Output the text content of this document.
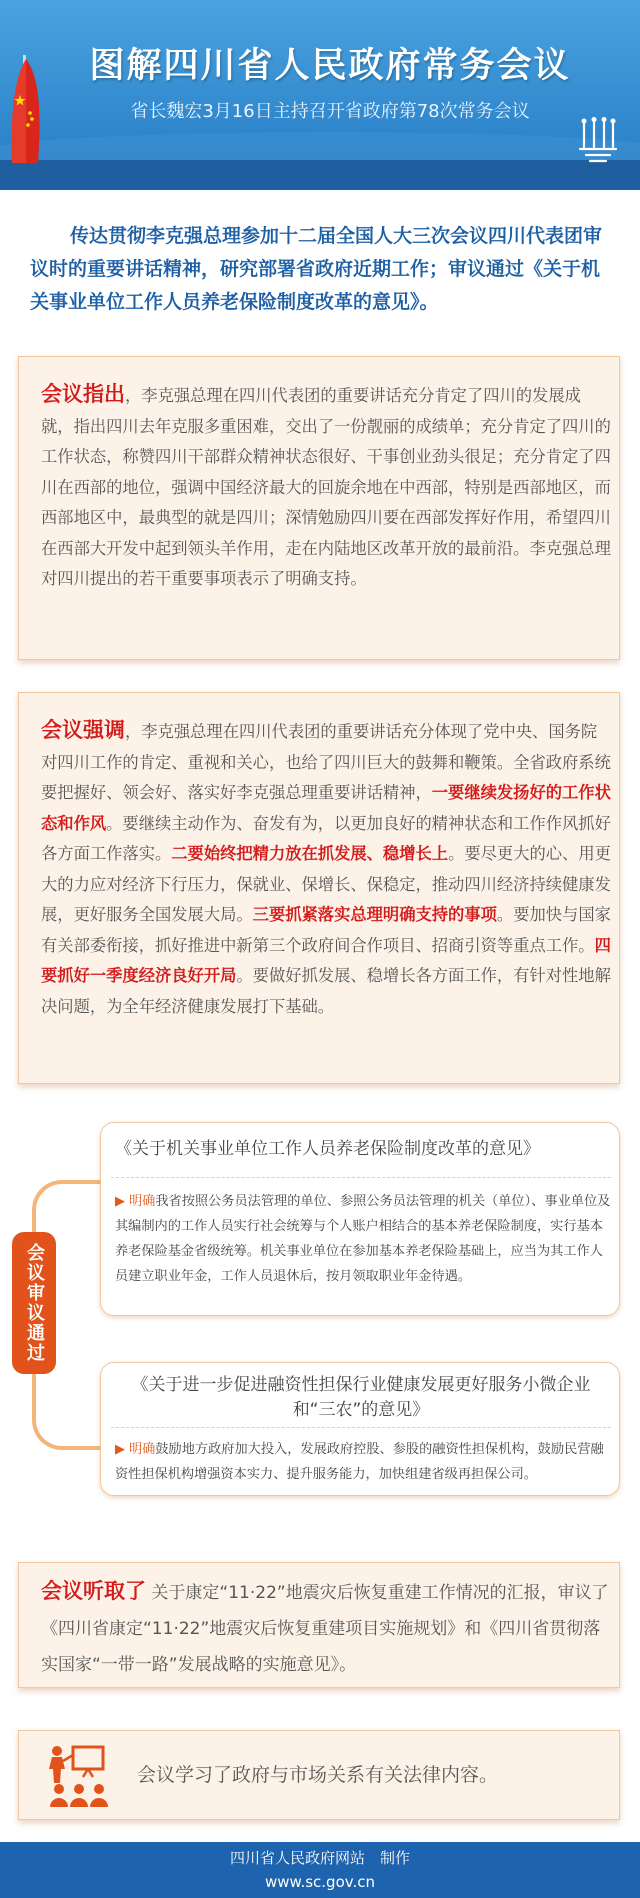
图解四川省人民政府常务会议
省长魏宏3月16日主持召开省政府第78次常务会议

传达贯彻李克强总理参加十二届全国人大三次会议四川代表团审议时的重要讲话精神，研究部署省政府近期工作；审议通过《关于机关事业单位工作人员养老保险制度改革的意见》。

会议指出，李克强总理在四川代表团的重要讲话充分肯定了四川的发展成就，指出四川去年克服多重困难，交出了一份靓丽的成绩单；充分肯定了四川的工作状态，称赞四川干部群众精神状态很好、干事创业劲头很足；充分肯定了四川在西部的地位，强调中国经济最大的回旋余地在中西部，特别是西部地区，而西部地区中，最典型的就是四川；深情勉励四川要在西部发挥好作用，希望四川在西部大开发中起到领头羊作用，走在内陆地区改革开放的最前沿。李克强总理对四川提出的若干重要事项表示了明确支持。

会议强调，李克强总理在四川代表团的重要讲话充分体现了党中央、国务院对四川工作的肯定、重视和关心，也给了四川巨大的鼓舞和鞭策。全省政府系统要把握好、领会好、落实好李克强总理重要讲话精神，一要继续发扬好的工作状态和作风。要继续主动作为、奋发有为，以更加良好的精神状态和工作作风抓好各方面工作落实。二要始终把精力放在抓发展、稳增长上。要尽更大的心、用更大的力应对经济下行压力，保就业、保增长、保稳定，推动四川经济持续健康发展，更好服务全国发展大局。三要抓紧落实总理明确支持的事项。要加快与国家有关部委衔接，抓好推进中新第三个政府间合作项目、招商引资等重点工作。四要抓好一季度经济良好开局。要做好抓发展、稳增长各方面工作，有针对性地解决问题，为全年经济健康发展打下基础。

会议审议通过
《关于机关事业单位工作人员养老保险制度改革的意见》

▶ 明确我省按照公务员法管理的单位、参照公务员法管理的机关（单位）、事业单位及其编制内的工作人员实行社会统筹与个人账户相结合的基本养老保险制度，实行基本养老保险基金省级统筹。机关事业单位在参加基本养老保险基础上，应当为其工作人员建立职业年金，工作人员退休后，按月领取职业年金待遇。

《关于进一步促进融资性担保行业健康发展更好服务小微企业和“三农”的意见》

▶ 明确鼓励地方政府加大投入，发展政府控股、参股的融资性担保机构，鼓励民营融资性担保机构增强资本实力、提升服务能力，加快组建省级再担保公司。

会议听取了 关于康定“11·22”地震灾后恢复重建工作情况的汇报，审议了《四川省康定“11·22”地震灾后恢复重建项目实施规划》和《四川省贯彻落实国家“一带一路”发展战略的实施意见》。

会议学习了政府与市场关系有关法律内容。
四川省人民政府网站　制作
www.sc.gov.cn
